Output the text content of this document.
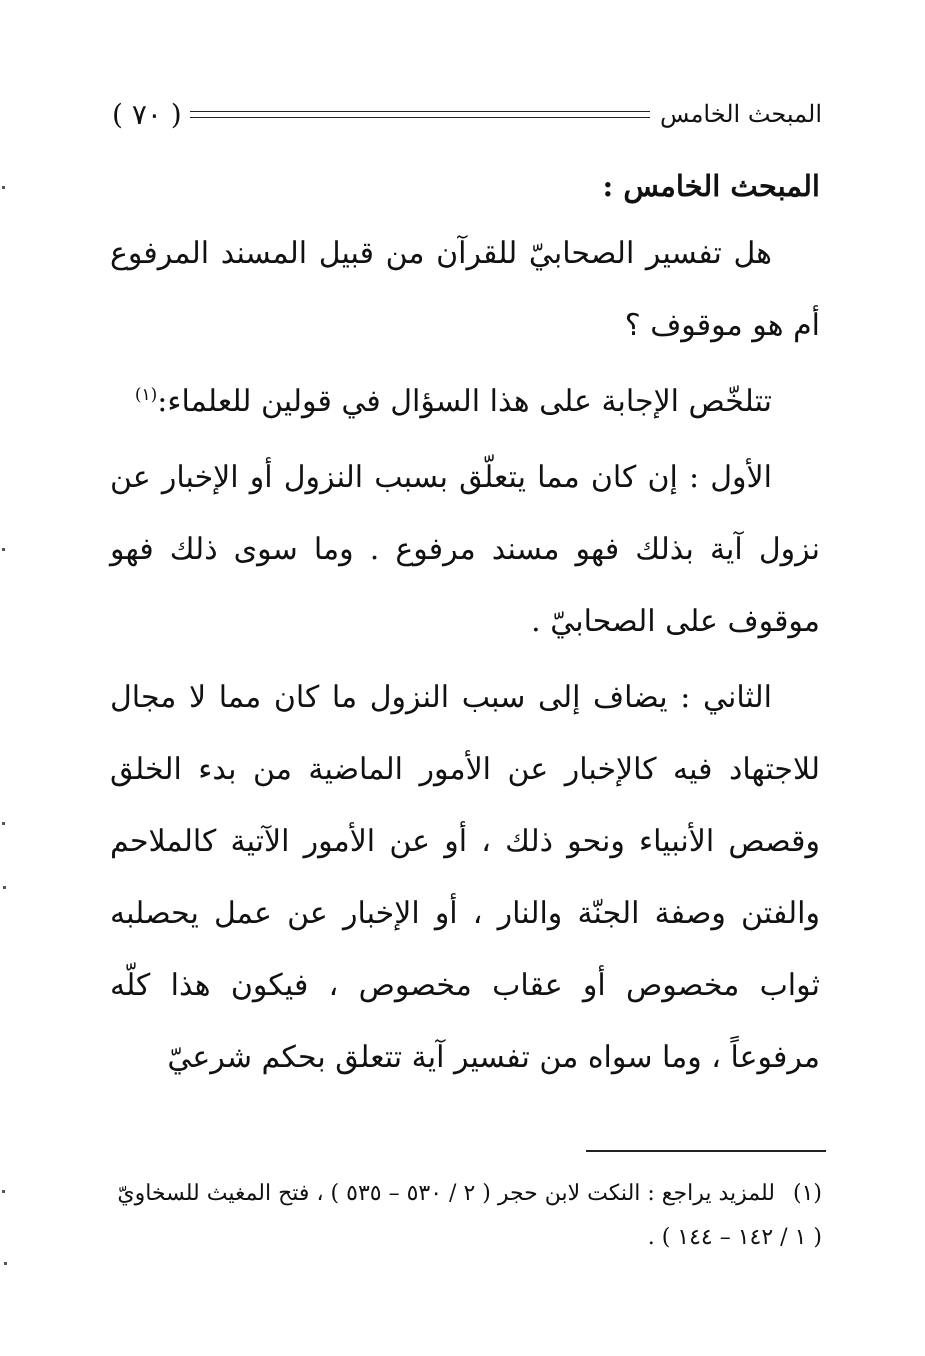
المبحث الخامس
( ٧٠ )
المبحث الخامس :

هل تفسير الصحابيّ للقرآن من قبيل المسند المرفوع أم هو موقوف ؟

تتلخّص الإجابة على هذا السؤال في قولين للعلماء:$^{(١)}$

الأول : إن كان مما يتعلّق بسبب النزول أو الإخبار عن نزول آية بذلك فهو مسند مرفوع . وما سوى ذلك فهو موقوف على الصحابيّ .

الثاني : يضاف إلى سبب النزول ما كان مما لا مجال للاجتهاد فيه كالإخبار عن الأمور الماضية من بدء الخلق وقصص الأنبياء ونحو ذلك ، أو عن الأمور الآتية كالملاحم والفتن وصفة الجنّة والنار ، أو الإخبار عن عمل يحصلبه ثواب مخصوص أو عقاب مخصوص ، فيكون هذا كلّه مرفوعاً ، وما سواه من تفسير آية تتعلق بحكم شرعيّ

(١)للمزيد يراجع : النكت لابن حجر ( ٢ / ٥٣٠ – ٥٣٥ ) ، فتح المغيث للسخاويّ ( ١ / ١٤٢ – ١٤٤ ) .
